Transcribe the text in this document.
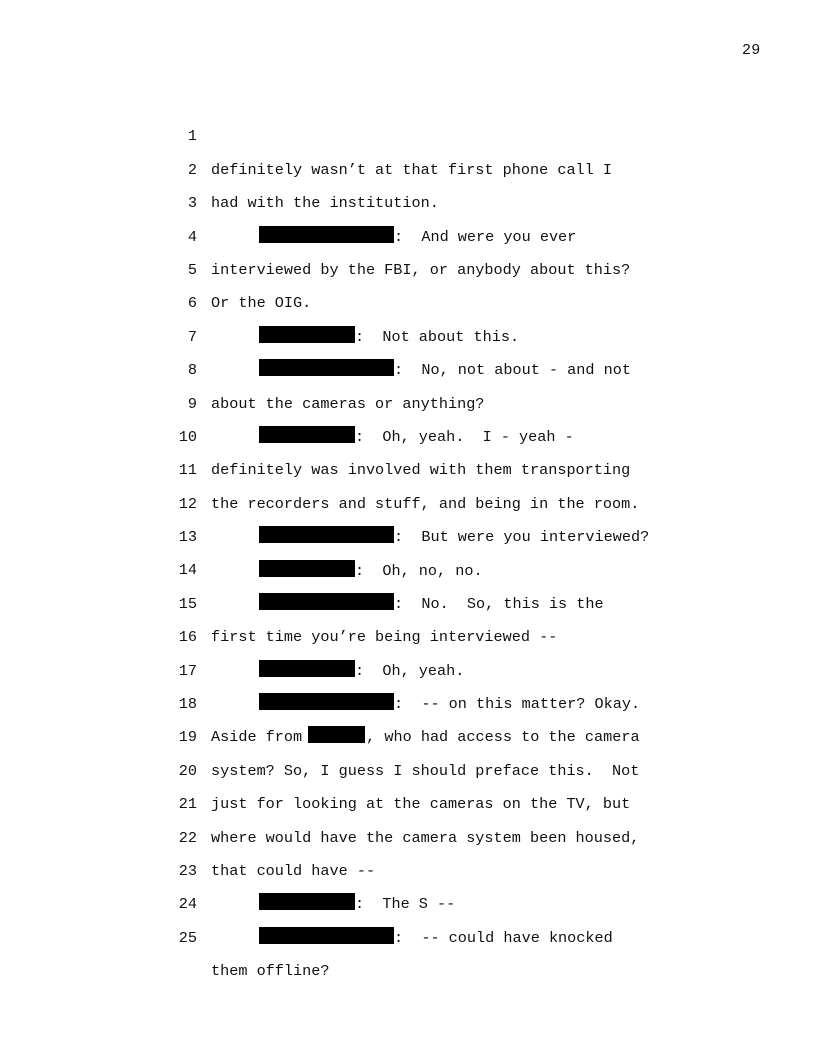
29

1

definitely wasn’t at that first phone call I

2

had with the institution.

3

:  And were you ever

4

interviewed by the FBI, or anybody about this?

5

Or the OIG.

6

:  Not about this.

7

:  No, not about - and not

8

about the cameras or anything?

9

:  Oh, yeah.  I - yeah -

10

definitely was involved with them transporting

11

the recorders and stuff, and being in the room.

12

:  But were you interviewed?

13

:  Oh, no, no.

14

:  No.  So, this is the

15

first time you’re being interviewed --

16

:  Oh, yeah.

17

:  -- on this matter? Okay.

18

Aside from	, who had access to the camera

19

system? So, I guess I should preface this.  Not

20

just for looking at the cameras on the TV, but

21

where would have the camera system been housed,

22

that could have --

23

:  The S --

24

:  -- could have knocked

25

them offline?
